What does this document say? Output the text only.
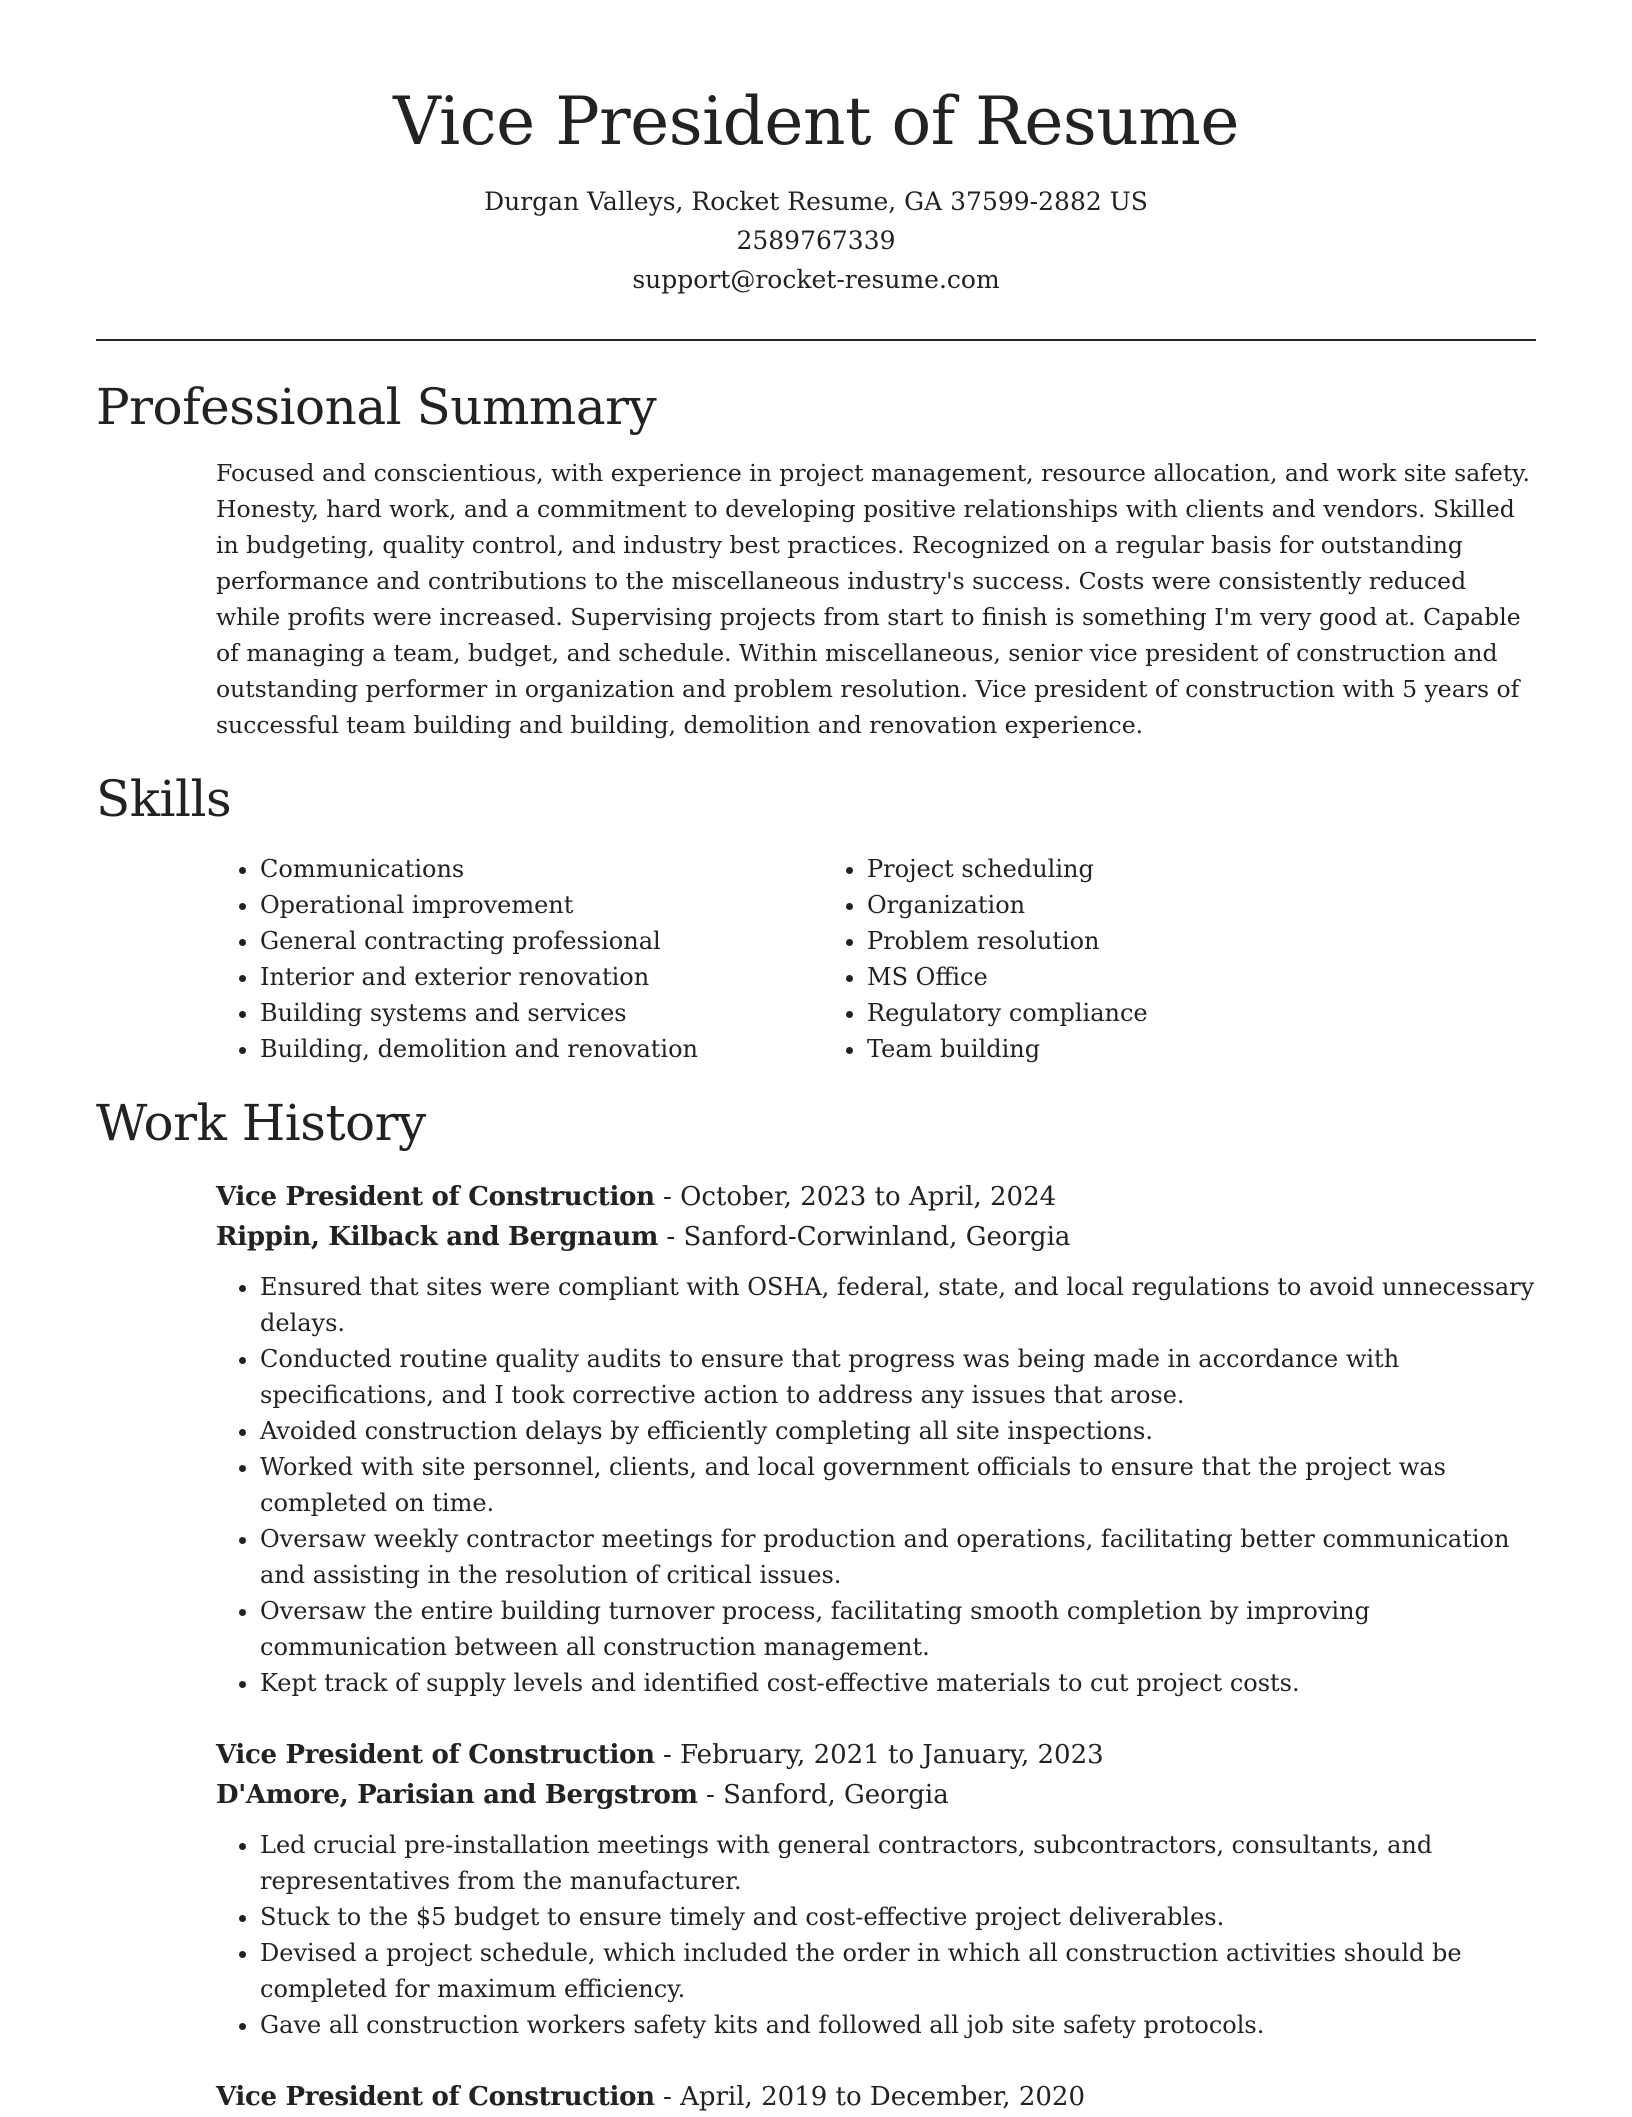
Vice President of Resume
Durgan Valleys, Rocket Resume, GA 37599-2882 US
2589767339
support@rocket-resume.com
Professional Summary
Focused and conscientious, with experience in project management, resource allocation, and work site safety. Honesty, hard work, and a commitment to developing positive relationships with clients and vendors. Skilled in budgeting, quality control, and industry best practices. Recognized on a regular basis for outstanding performance and contributions to the miscellaneous industry's success. Costs were consistently reduced while profits were increased. Supervising projects from start to finish is something I'm very good at. Capable of managing a team, budget, and schedule. Within miscellaneous, senior vice president of construction and outstanding performer in organization and problem resolution. Vice president of construction with 5 years of successful team building and building, demolition and renovation experience.
Skills
• Communications
• Operational improvement
• General contracting professional
• Interior and exterior renovation
• Building systems and services
• Building, demolition and renovation
• Project scheduling
• Organization
• Problem resolution
• MS Office
• Regulatory compliance
• Team building
Work History
Vice President of Construction - October, 2023 to April, 2024
Rippin, Kilback and Bergnaum - Sanford-Corwinland, Georgia
• Ensured that sites were compliant with OSHA, federal, state, and local regulations to avoid unnecessary delays.
• Conducted routine quality audits to ensure that progress was being made in accordance with specifications, and I took corrective action to address any issues that arose.
• Avoided construction delays by efficiently completing all site inspections.
• Worked with site personnel, clients, and local government officials to ensure that the project was completed on time.
• Oversaw weekly contractor meetings for production and operations, facilitating better communication and assisting in the resolution of critical issues.
• Oversaw the entire building turnover process, facilitating smooth completion by improving communication between all construction management.
• Kept track of supply levels and identified cost-effective materials to cut project costs.
Vice President of Construction - February, 2021 to January, 2023
D'Amore, Parisian and Bergstrom - Sanford, Georgia
• Led crucial pre-installation meetings with general contractors, subcontractors, consultants, and representatives from the manufacturer.
• Stuck to the $5 budget to ensure timely and cost-effective project deliverables.
• Devised a project schedule, which included the order in which all construction activities should be completed for maximum efficiency.
• Gave all construction workers safety kits and followed all job site safety protocols.
Vice President of Construction - April, 2019 to December, 2020
